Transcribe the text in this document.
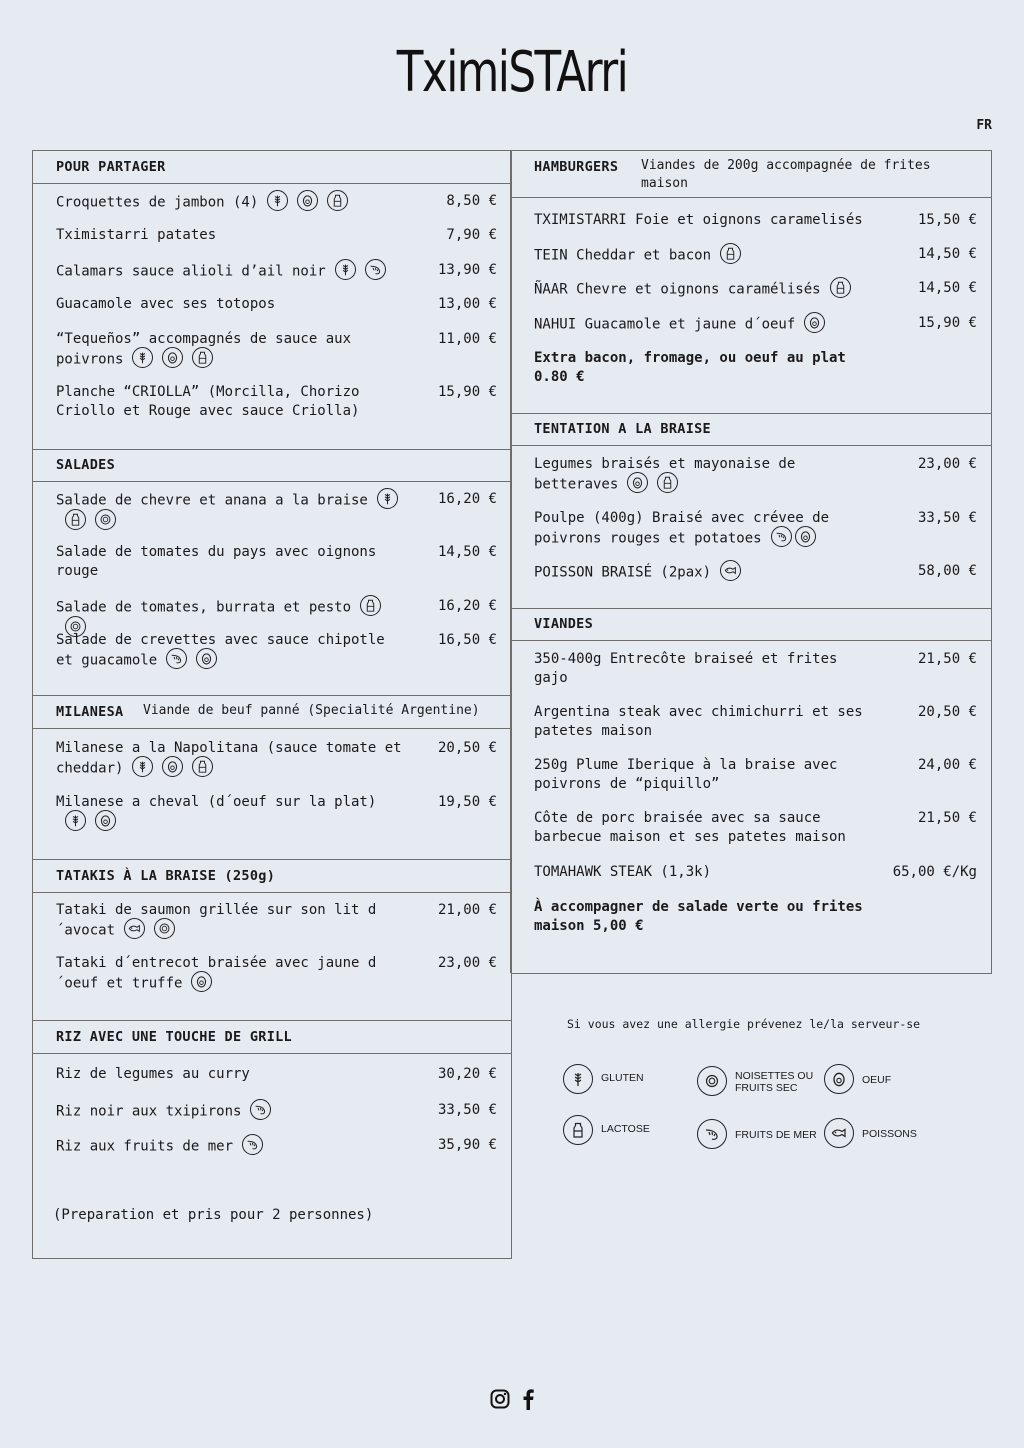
TximiSTArri
FR
POUR PARTAGER
Croquettes de jambon (4)	8,50 €
Tximistarri patates	7,90 €
Calamars sauce alioli d’ail noir	13,90 €
Guacamole avec ses totopos	13,00 €
“Tequeños” accompagnés de sauce aux poivrons
11,00 €
Planche “CRIOLLA” (Morcilla, Chorizo Criollo et Rouge avec sauce Criolla)
15,90 €
SALADES
Salade de chevre et anana a la braise	16,20 €
Salade de tomates du pays avec oignons rouge
14,50 €
Salade de tomates, burrata et pesto	16,20 €
Salade de crevettes avec sauce chipotle et guacamole
16,50 €
MILANESA Viande de beuf panné (Specialité Argentine)
Milanese a la Napolitana (sauce tomate et cheddar)
20,50 €
Milanese a cheval (d´oeuf sur la plat)	19,50 €
TATAKIS À LA BRAISE (250g)
Tataki de saumon grillée sur son lit d´avocat
21,00 €
Tataki d´entrecot braisée avec jaune d´oeuf et truffe
23,00 €
RIZ AVEC UNE TOUCHE DE GRILL
Riz de legumes au curry	30,20 €
Riz noir aux txipirons	33,50 €
Riz aux fruits de mer	35,90 €
(Preparation et pris pour 2 personnes)
HAMBURGERS Viandes de 200g accompagnée de frites maison
TXIMISTARRI Foie et oignons caramelisés	15,50 €
TEIN Cheddar et bacon	14,50 €
ÑAAR Chevre et oignons caramélisés	14,50 €
NAHUI Guacamole et jaune d´oeuf	15,90 €
Extra bacon, fromage, ou oeuf au plat 0.80 €
TENTATION A LA BRAISE
Legumes braisés et mayonaise de betteraves
23,00 €
Poulpe (400g) Braisé avec crévee de poivrons rouges et potatoes
33,50 €
POISSON BRAISÉ (2pax)	58,00 €
VIANDES
350-400g Entrecôte braiseé et frites gajo
21,50 €
Argentina steak avec chimichurri et ses patetes maison
20,50 €
250g Plume Iberique à la braise avec poivrons de “piquillo”
24,00 €
Côte de porc braisée avec sa sauce barbecue maison et ses patetes maison
21,50 €
TOMAHAWK STEAK (1,3k)	65,00 €/Kg
À accompagner de salade verte ou frites maison 5,00 €
Si vous avez une allergie prévenez le/la serveur-se
GLUTEN	NOISETTES OU FRUITS SEC
OEUF
LACTOSE	FRUITS DE MER	POISSONS
